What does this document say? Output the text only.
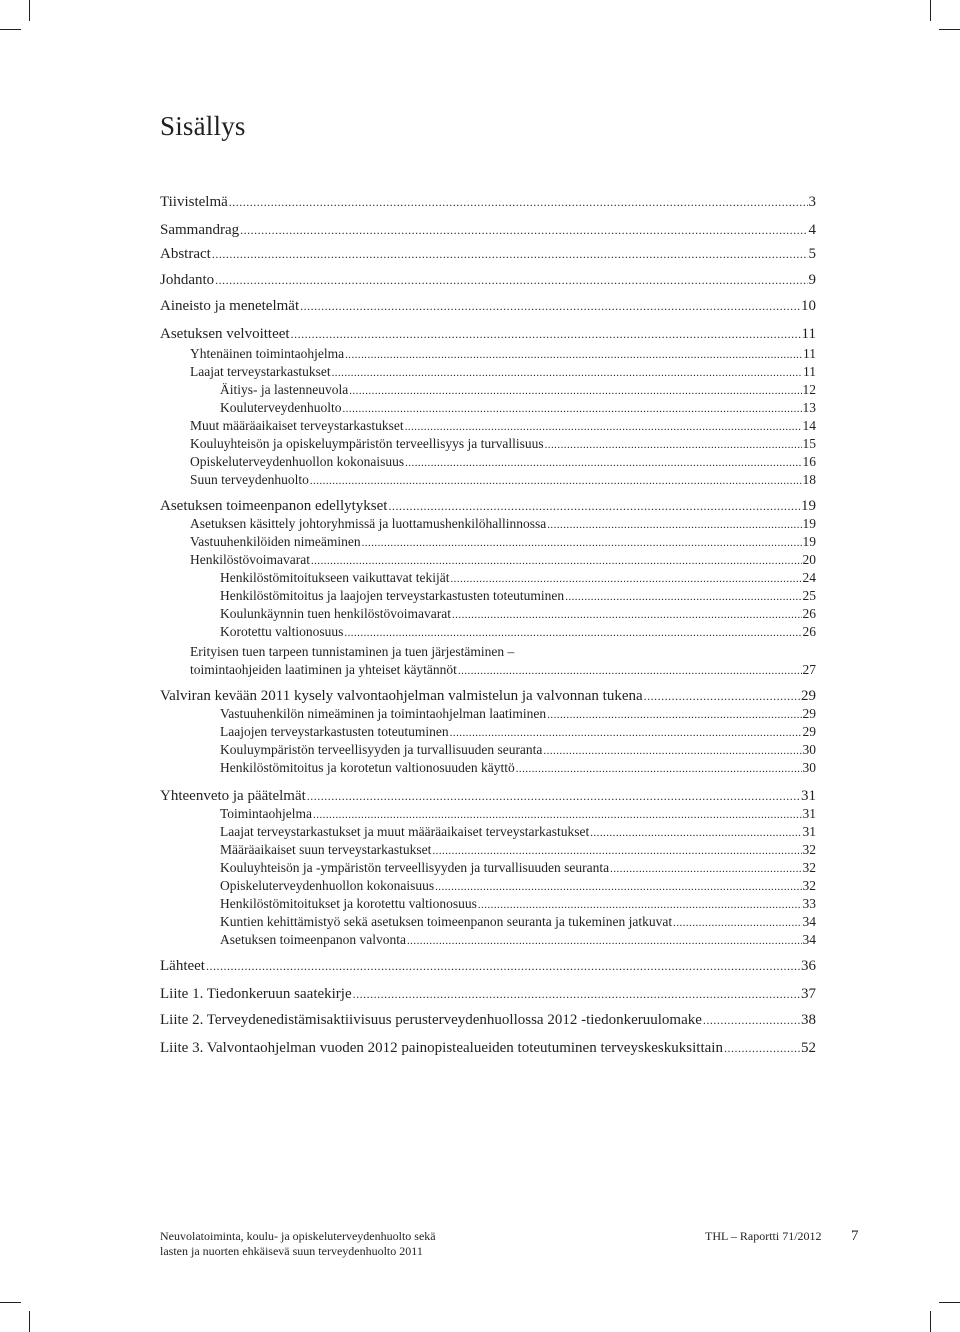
Sisällys
Tiivistelmä .....	3
Sammandrag .....	4
Abstract .....	5
Johdanto .....	9
Aineisto ja menetelmät .....	10
Asetuksen velvoitteet .....	11
Yhtenäinen toimintaohjelma .....	11
Laajat terveystarkastukset .....	11
Äitiys- ja lastenneuvola .....	12
Kouluterveydenhuolto .....	13
Muut määräaikaiset terveystarkastukset .....	14
Kouluyhteisön ja opiskeluympäristön terveellisyys ja turvallisuus .....	15
Opiskeluterveydenhuollon kokonaisuus .....	16
Suun terveydenhuolto .....	18
Asetuksen toimeenpanon edellytykset .....	19
Asetuksen käsittely johtoryhmissä ja luottamushenkilöhallinnossa .....	19
Vastuuhenkilöiden nimeäminen .....	19
Henkilöstövoimavarat .....	20
Henkilöstömitoitukseen vaikuttavat tekijät .....	24
Henkilöstömitoitus ja laajojen terveystarkastusten toteutuminen .....	25
Koulunkäynnin tuen henkilöstövoimavarat .....	26
Korotettu valtionosuus .....	26
Erityisen tuen tarpeen tunnistaminen ja tuen järjestäminen –
toimintaohjeiden laatiminen ja yhteiset käytännöt .....	27
Valviran kevään 2011 kysely valvontaohjelman valmistelun ja valvonnan tukena .....	29
Vastuuhenkilön nimeäminen ja toimintaohjelman laatiminen .....	29
Laajojen terveystarkastusten toteutuminen .....	29
Kouluympäristön terveellisyyden ja turvallisuuden seuranta .....	30
Henkilöstömitoitus ja korotetun valtionosuuden käyttö .....	30
Yhteenveto ja päätelmät .....	31
Toimintaohjelma .....	31
Laajat terveystarkastukset ja muut määräaikaiset terveystarkastukset .....	31
Määräaikaiset suun terveystarkastukset .....	32
Kouluyhteisön ja -ympäristön terveellisyyden ja turvallisuuden seuranta .....	32
Opiskeluterveydenhuollon kokonaisuus .....	32
Henkilöstömitoitukset ja korotettu valtionosuus .....	33
Kuntien kehittämistyö sekä asetuksen toimeenpanon seuranta ja tukeminen jatkuvat .....	34
Asetuksen toimeenpanon valvonta .....	34
Lähteet .....	36
Liite 1. Tiedonkeruun saatekirje .....	37
Liite 2. Terveydenedistämisaktiivisuus perusterveydenhuollossa 2012 -tiedonkeruulomake .....	38
Liite 3. Valvontaohjelman vuoden 2012 painopistealueiden toteutuminen terveyskeskuksittain .....	52
Neuvolatoiminta, koulu- ja opiskeluterveydenhuolto sekä
lasten ja nuorten ehkäisevä suun terveydenhuolto 2011
THL – Raportti 71/2012 7
